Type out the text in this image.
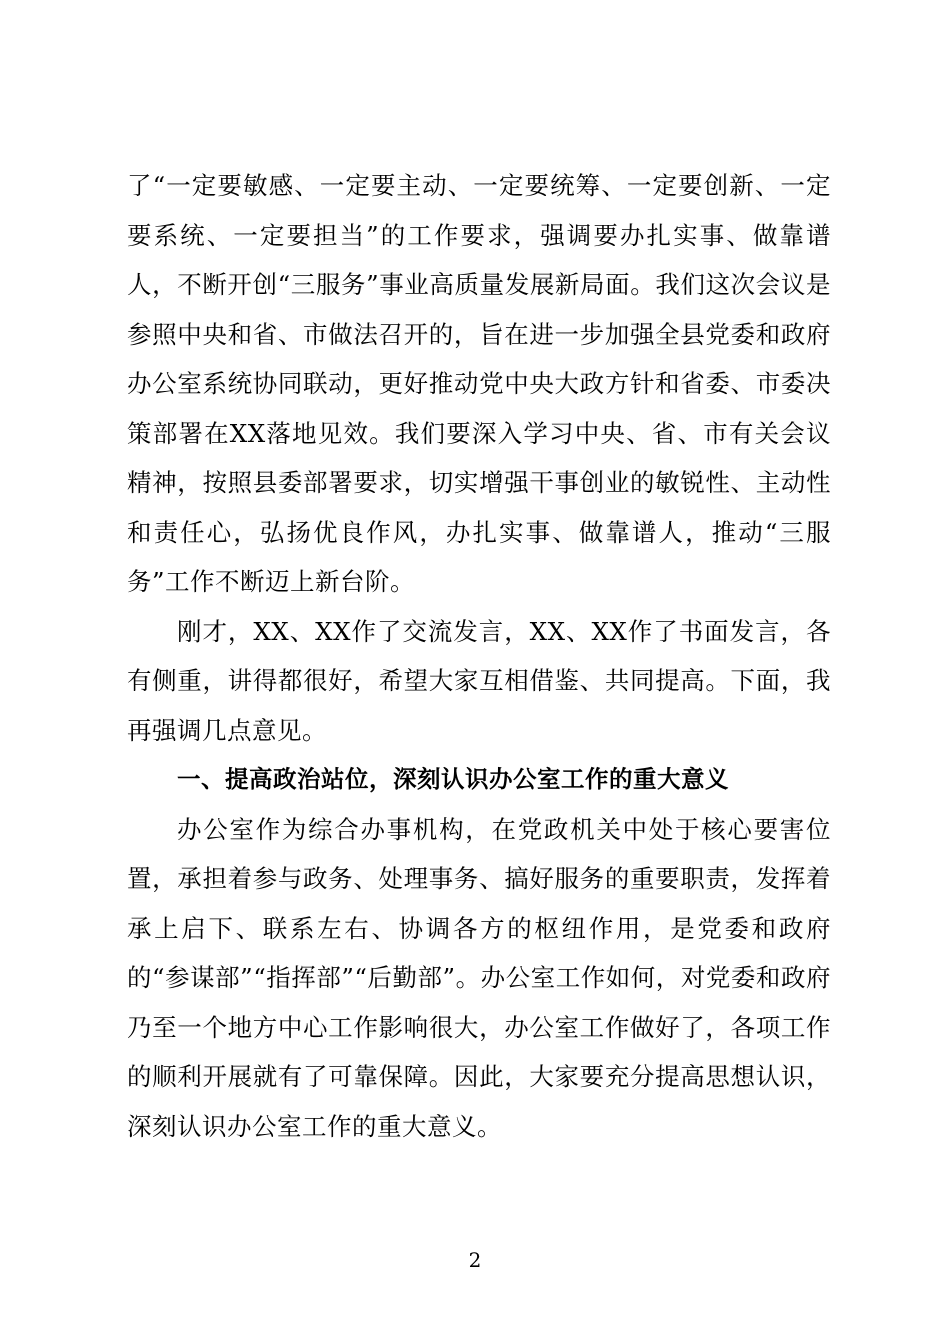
了“一定要敏感、一定要主动、一定要统筹、一定要创新、一定要系统、一定要担当”的工作要求，强调要办扎实事、做靠谱人，不断开创“三服务”事业高质量发展新局面。我们这次会议是参照中央和省、市做法召开的，旨在进一步加强全县党委和政府办公室系统协同联动，更好推动党中央大政方针和省委、市委决策部署在XX落地见效。我们要深入学习中央、省、市有关会议精神，按照县委部署要求，切实增强干事创业的敏锐性、主动性和责任心，弘扬优良作风，办扎实事、做靠谱人，推动“三服务”工作不断迈上新台阶。

刚才，XX、XX作了交流发言，XX、XX作了书面发言，各有侧重，讲得都很好，希望大家互相借鉴、共同提高。下面，我再强调几点意见。

一、提高政治站位，深刻认识办公室工作的重大意义

办公室作为综合办事机构，在党政机关中处于核心要害位置，承担着参与政务、处理事务、搞好服务的重要职责，发挥着承上启下、联系左右、协调各方的枢纽作用，是党委和政府的“参谋部”“指挥部”“后勤部”。办公室工作如何，对党委和政府乃至一个地方中心工作影响很大，办公室工作做好了，各项工作的顺利开展就有了可靠保障。因此，大家要充分提高思想认识，深刻认识办公室工作的重大意义。

2
